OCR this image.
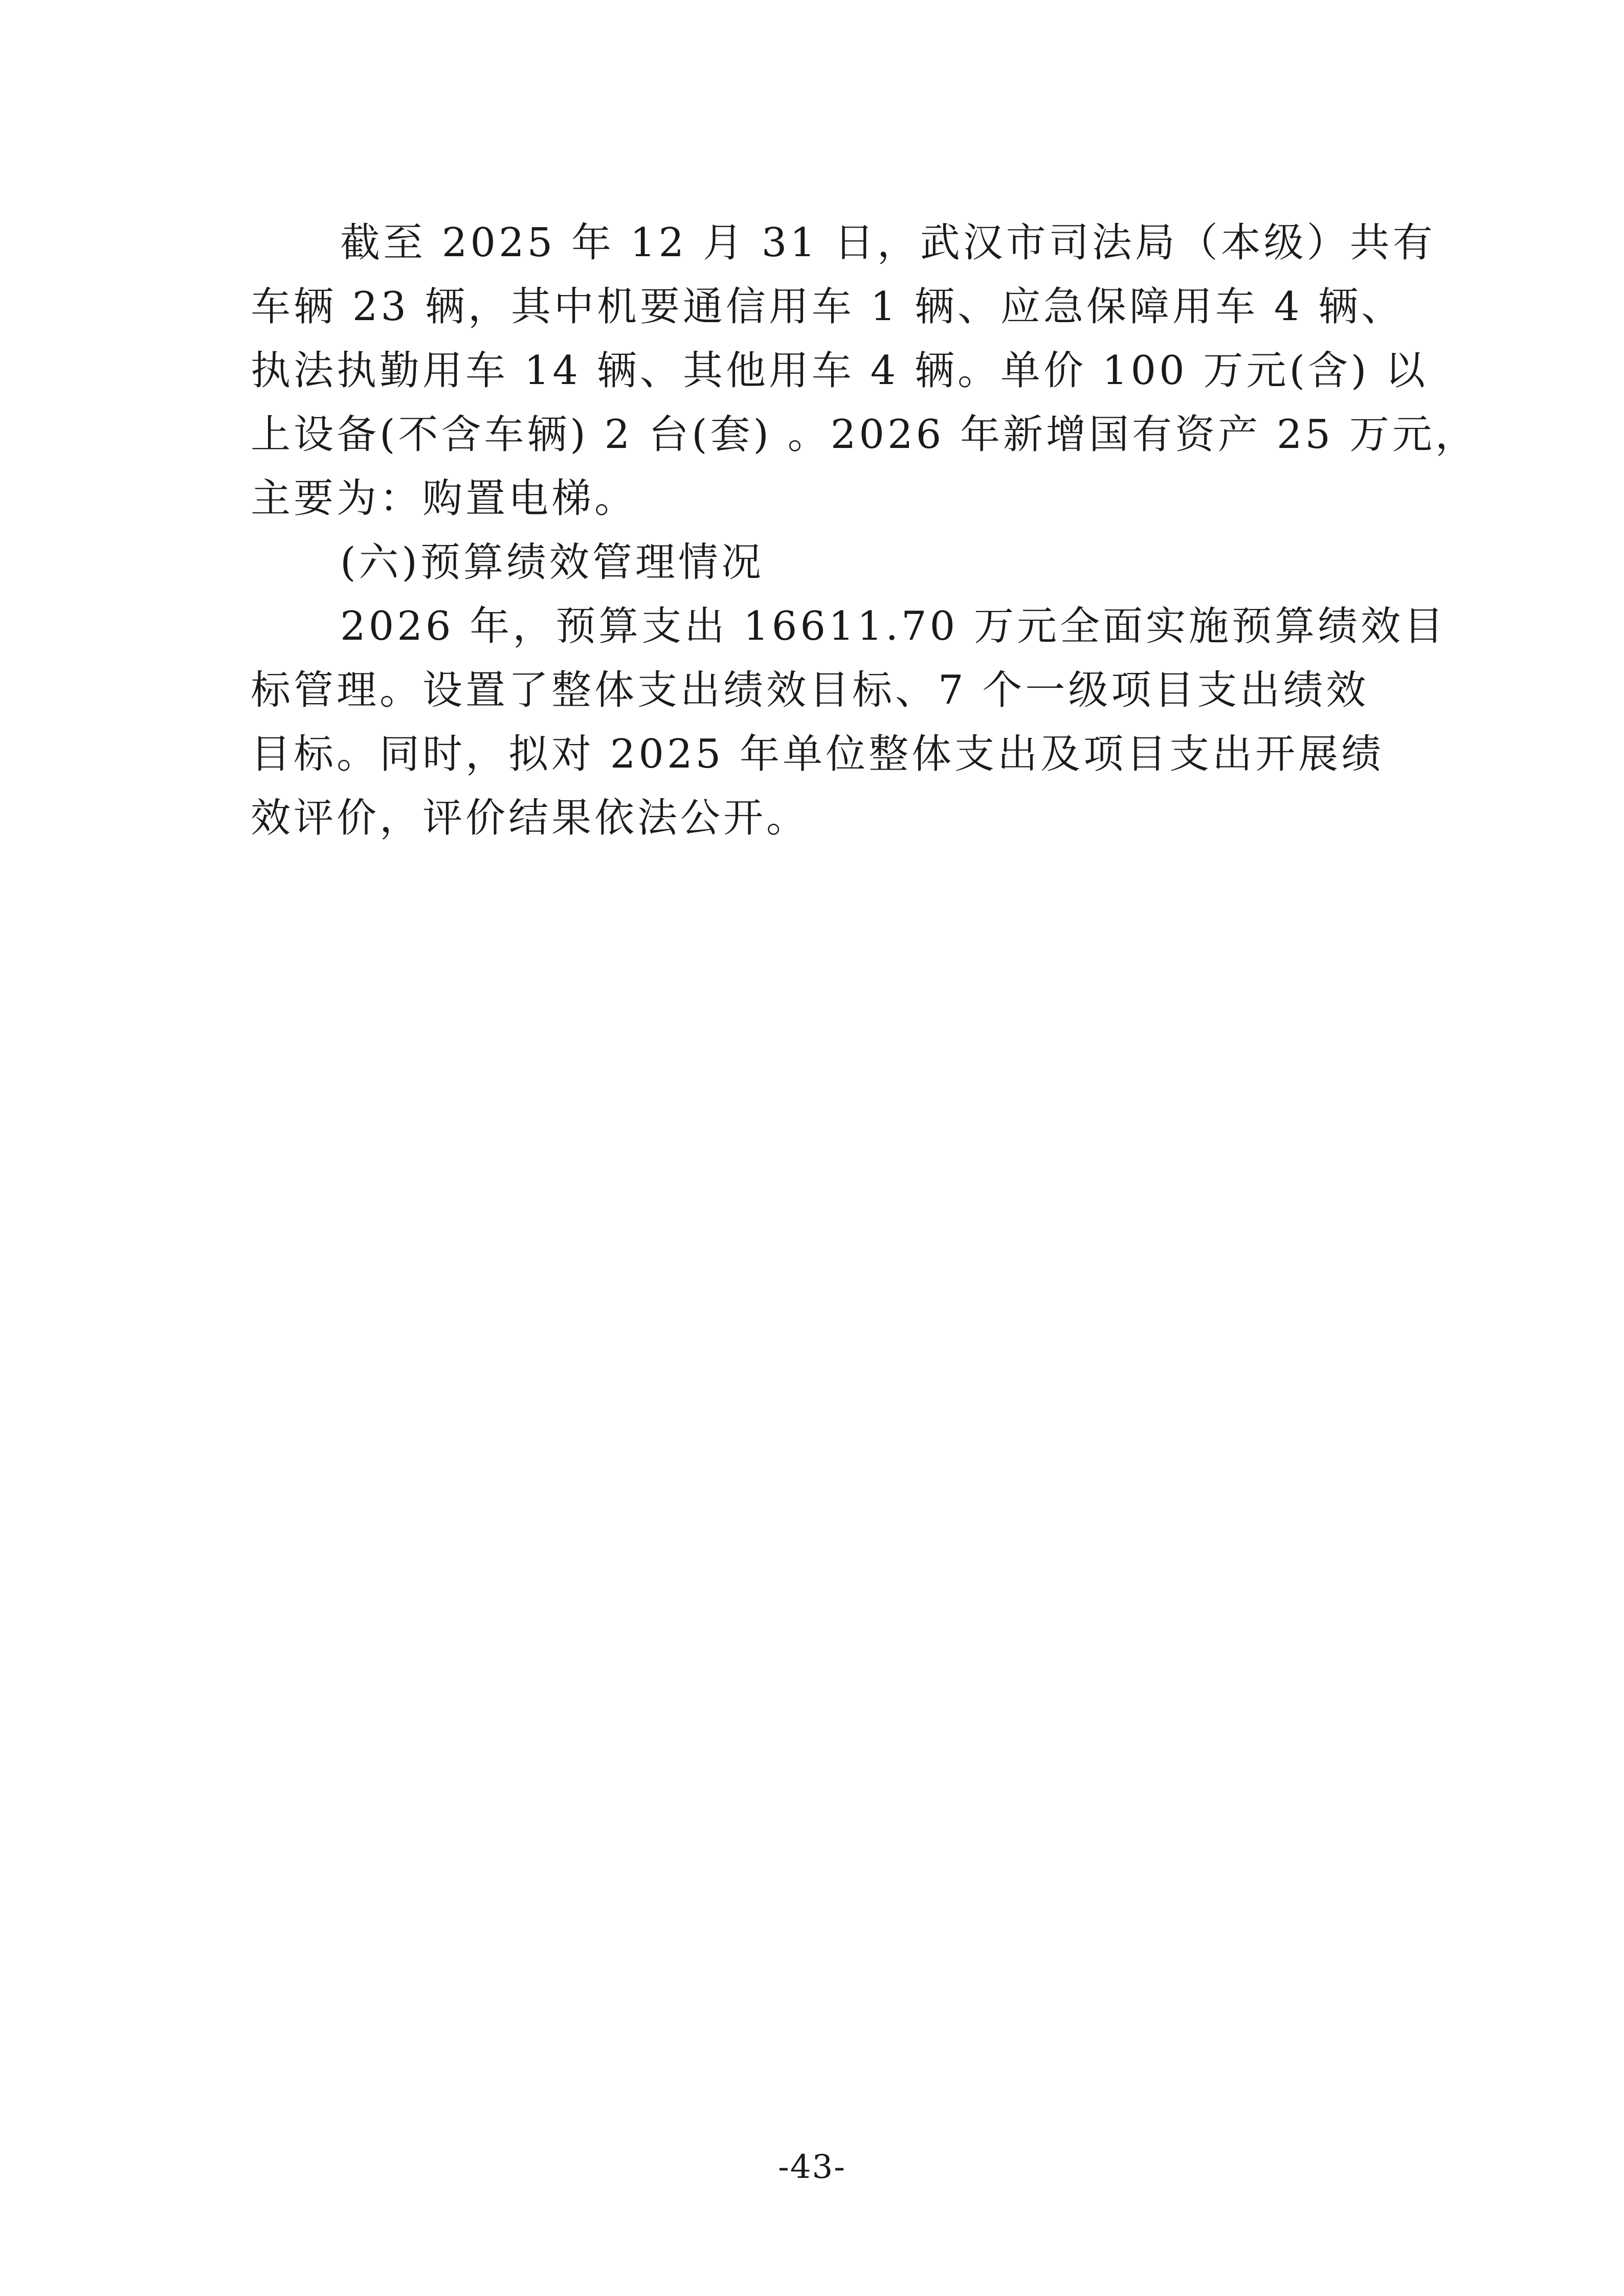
截至 2025 年 12 月 31 日，武汉市司法局（本级）共有

车辆 23 辆，其中机要通信用车 1 辆、应急保障用车 4 辆、

执法执勤用车 14 辆、其他用车 4 辆。单价 100 万元(含) 以

上设备(不含车辆) 2 台(套) 。2026 年新增国有资产 25 万元，

主要为：购置电梯。

(六)预算绩效管理情况

2026 年，预算支出 16611.70 万元全面实施预算绩效目

标管理。设置了整体支出绩效目标、7 个一级项目支出绩效

目标。同时，拟对 2025 年单位整体支出及项目支出开展绩

效评价，评价结果依法公开。

-43-
